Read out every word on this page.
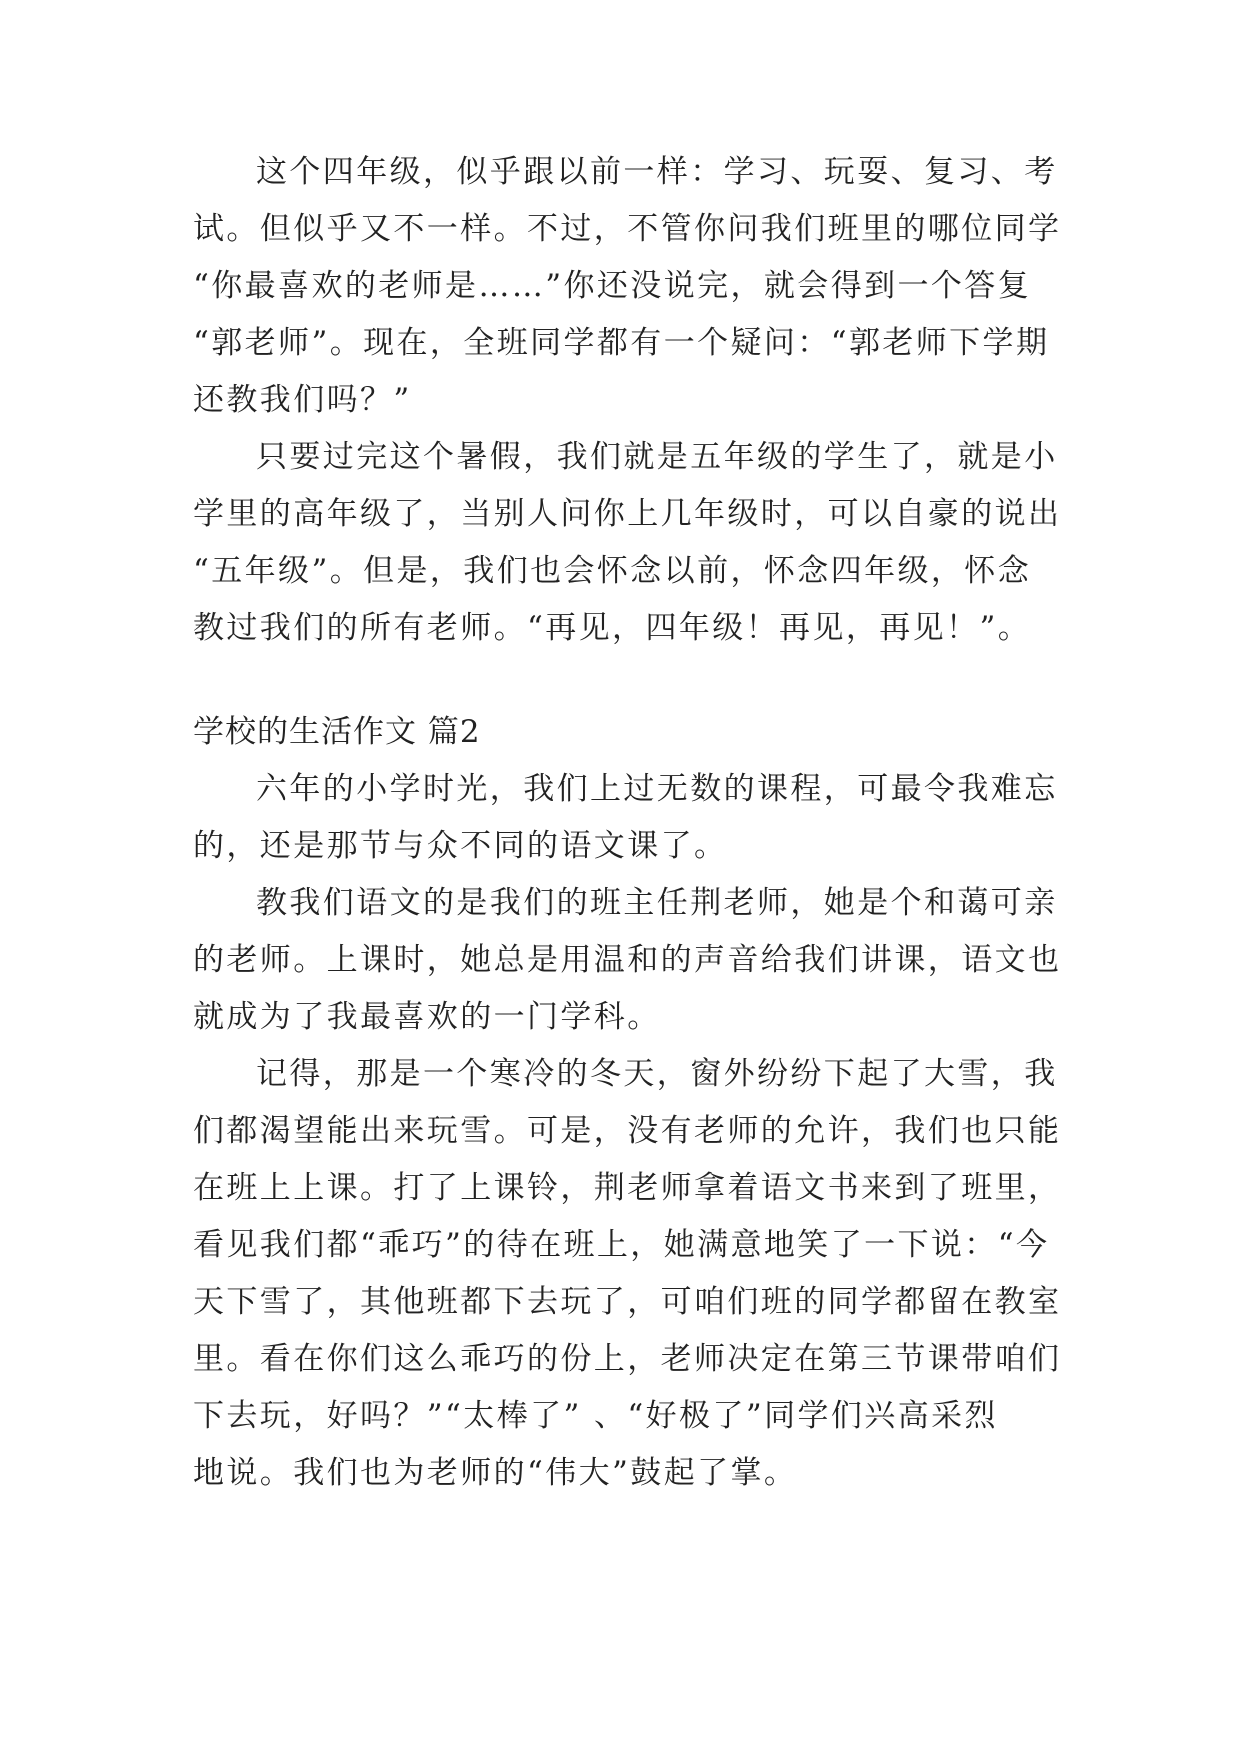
这个四年级，似乎跟以前一样：学习、玩耍、复习、考
试。但似乎又不一样。不过，不管你问我们班里的哪位同学
“你最喜欢的老师是……”你还没说完，就会得到一个答复
“郭老师”。现在，全班同学都有一个疑问：“郭老师下学期
还教我们吗？”
只要过完这个暑假，我们就是五年级的学生了，就是小
学里的高年级了，当别人问你上几年级时，可以自豪的说出
“五年级”。但是，我们也会怀念以前，怀念四年级，怀念
教过我们的所有老师。“再见，四年级！再见，再见！”。
学校的生活作文 篇2
六年的小学时光，我们上过无数的课程，可最令我难忘
的，还是那节与众不同的语文课了。
教我们语文的是我们的班主任荆老师，她是个和蔼可亲
的老师。上课时，她总是用温和的声音给我们讲课，语文也
就成为了我最喜欢的一门学科。
记得，那是一个寒冷的冬天，窗外纷纷下起了大雪，我
们都渴望能出来玩雪。可是，没有老师的允许，我们也只能
在班上上课。打了上课铃，荆老师拿着语文书来到了班里，
看见我们都“乖巧”的待在班上，她满意地笑了一下说：“今
天下雪了，其他班都下去玩了，可咱们班的同学都留在教室
里。看在你们这么乖巧的份上，老师决定在第三节课带咱们
下去玩，好吗？”“太棒了” 、“好极了”同学们兴高采烈
地说。我们也为老师的“伟大”鼓起了掌。
